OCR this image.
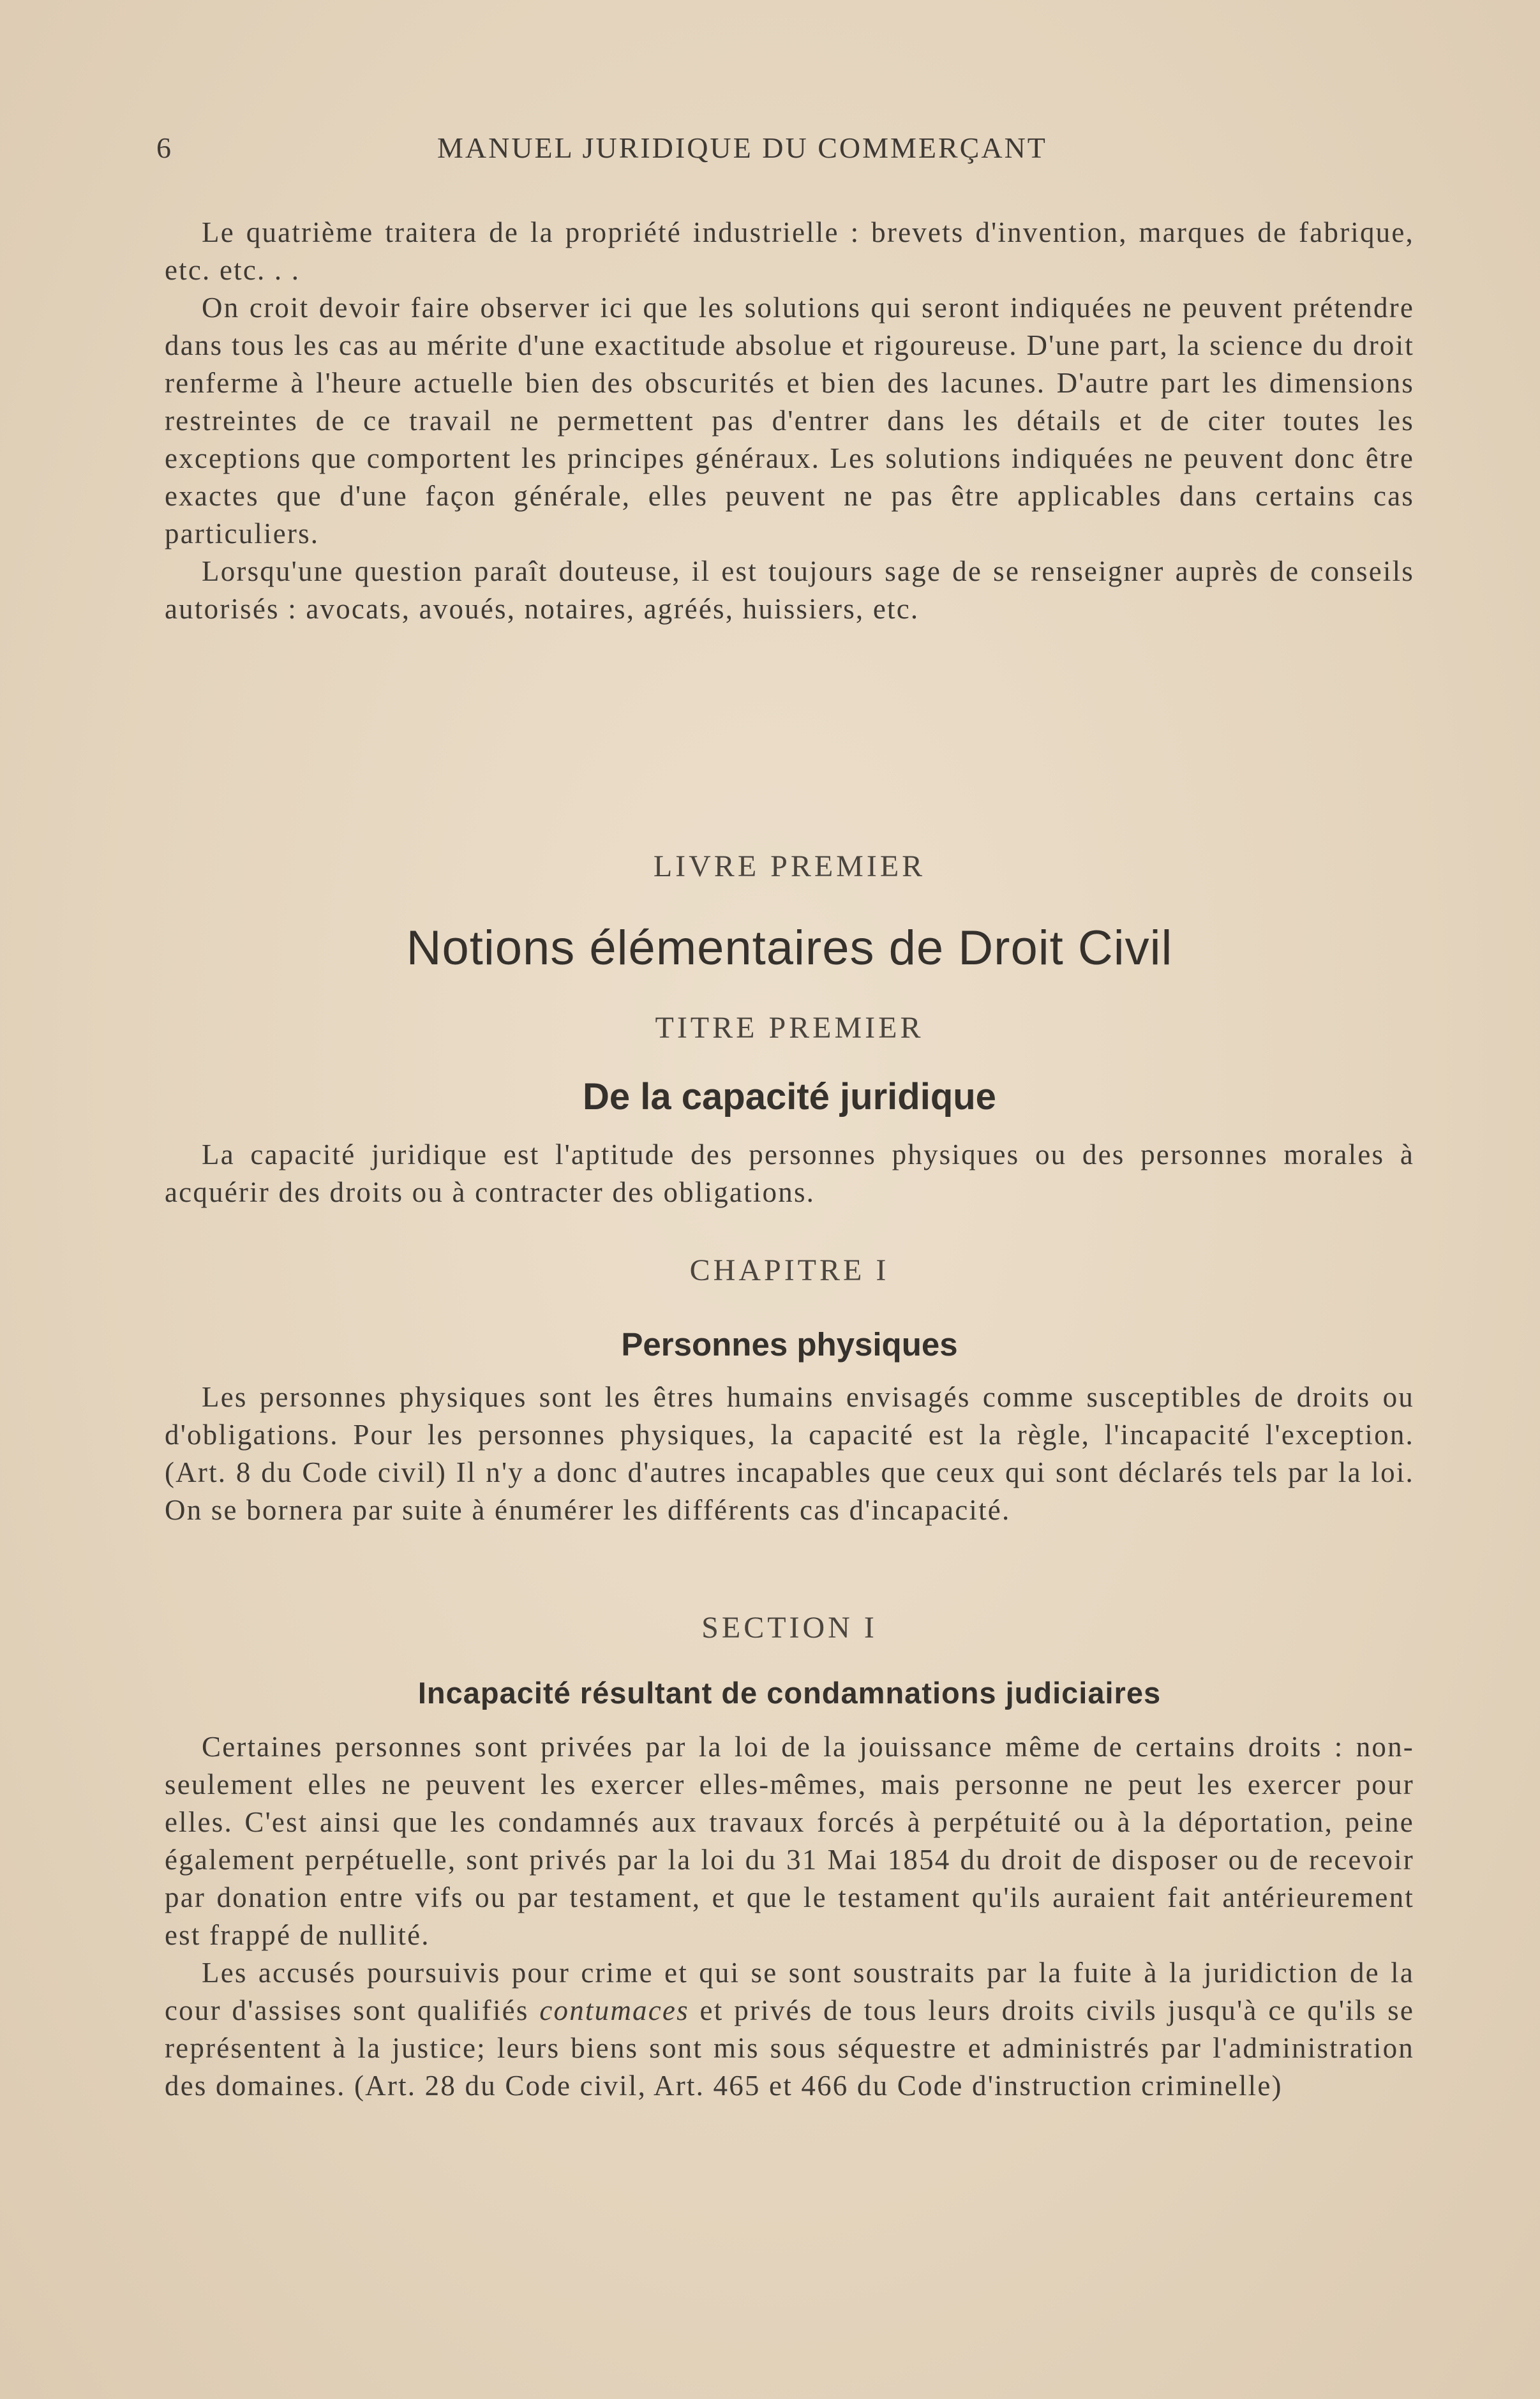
6	MANUEL JURIDIQUE DU COMMERÇANT

Le quatrième traitera de la propriété industrielle : brevets d'invention, marques de fabrique, etc. etc. . .

On croit devoir faire observer ici que les solutions qui seront indiquées ne peuvent prétendre dans tous les cas au mérite d'une exactitude absolue et rigoureuse. D'une part, la science du droit renferme à l'heure actuelle bien des obscurités et bien des lacunes. D'autre part les dimensions restreintes de ce travail ne permettent pas d'entrer dans les détails et de citer toutes les exceptions que comportent les principes généraux. Les solutions indiquées ne peuvent donc être exactes que d'une façon générale, elles peuvent ne pas être applicables dans certains cas particuliers.

Lorsqu'une question paraît douteuse, il est toujours sage de se renseigner auprès de conseils autorisés : avocats, avoués, notaires, agréés, huissiers, etc.

LIVRE PREMIER
Notions élémentaires de Droit Civil
TITRE PREMIER
De la capacité juridique

La capacité juridique est l'aptitude des personnes physiques ou des personnes morales à acquérir des droits ou à contracter des obligations.

CHAPITRE I
Personnes physiques

Les personnes physiques sont les êtres humains envisagés comme susceptibles de droits ou d'obligations. Pour les personnes physiques, la capacité est la règle, l'incapacité l'exception. (Art. 8 du Code civil) Il n'y a donc d'autres incapables que ceux qui sont déclarés tels par la loi. On se bornera par suite à énumérer les différents cas d'incapacité.

SECTION I
Incapacité résultant de condamnations judiciaires

Certaines personnes sont privées par la loi de la jouissance même de certains droits : non-seulement elles ne peuvent les exercer elles-mêmes, mais personne ne peut les exercer pour elles. C'est ainsi que les condamnés aux travaux forcés à perpétuité ou à la déportation, peine également perpétuelle, sont privés par la loi du 31 Mai 1854 du droit de disposer ou de recevoir par donation entre vifs ou par testament, et que le testament qu'ils auraient fait antérieurement est frappé de nullité.

Les accusés poursuivis pour crime et qui se sont soustraits par la fuite à la juridiction de la cour d'assises sont qualifiés contumaces et privés de tous leurs droits civils jusqu'à ce qu'ils se représentent à la justice; leurs biens sont mis sous séquestre et administrés par l'administration des domaines. (Art. 28 du Code civil, Art. 465 et 466 du Code d'instruction criminelle)
